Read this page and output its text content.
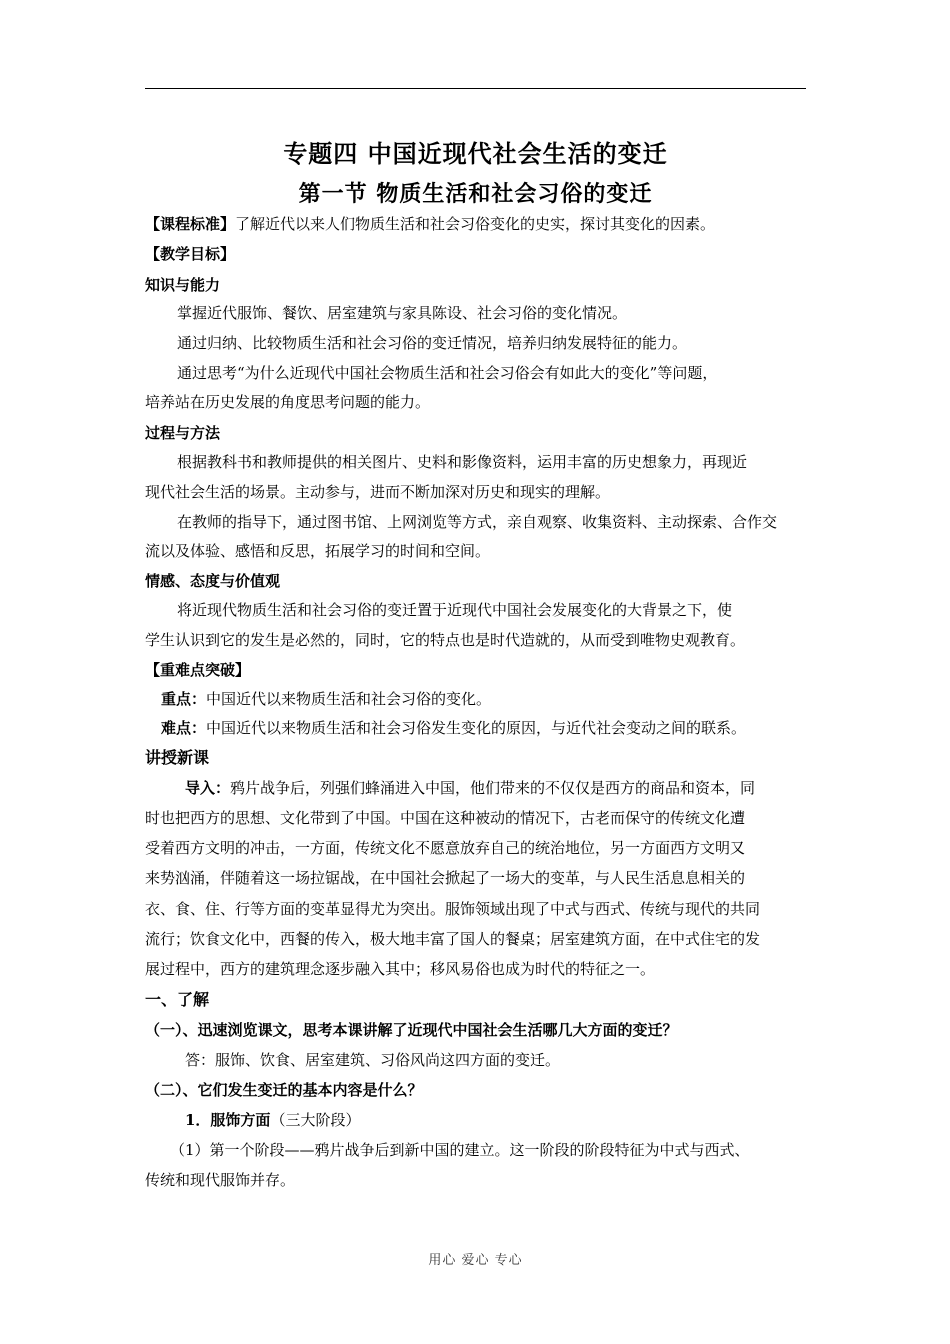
专题四 中国近现代社会生活的变迁
第一节 物质生活和社会习俗的变迁
【课程标准】了解近代以来人们物质生活和社会习俗变化的史实，探讨其变化的因素。
【教学目标】
知识与能力
掌握近代服饰、餐饮、居室建筑与家具陈设、社会习俗的变化情况。
通过归纳、比较物质生活和社会习俗的变迁情况，培养归纳发展特征的能力。
通过思考“为什么近现代中国社会物质生活和社会习俗会有如此大的变化”等问题，
培养站在历史发展的角度思考问题的能力。
过程与方法
根据教科书和教师提供的相关图片、史料和影像资料，运用丰富的历史想象力，再现近
现代社会生活的场景。主动参与，进而不断加深对历史和现实的理解。
在教师的指导下，通过图书馆、上网浏览等方式，亲自观察、收集资料、主动探索、合作交
流以及体验、感悟和反思，拓展学习的时间和空间。
情感、态度与价值观
将近现代物质生活和社会习俗的变迁置于近现代中国社会发展变化的大背景之下，使
学生认识到它的发生是必然的，同时，它的特点也是时代造就的，从而受到唯物史观教育。
【重难点突破】
重点：中国近代以来物质生活和社会习俗的变化。
难点：中国近代以来物质生活和社会习俗发生变化的原因，与近代社会变动之间的联系。
讲授新课
导入：鸦片战争后，列强们蜂涌进入中国，他们带来的不仅仅是西方的商品和资本，同
时也把西方的思想、文化带到了中国。中国在这种被动的情况下，古老而保守的传统文化遭
受着西方文明的冲击，一方面，传统文化不愿意放弃自己的统治地位，另一方面西方文明又
来势汹涌，伴随着这一场拉锯战，在中国社会掀起了一场大的变革，与人民生活息息相关的
衣、食、住、行等方面的变革显得尤为突出。服饰领域出现了中式与西式、传统与现代的共同
流行；饮食文化中，西餐的传入，极大地丰富了国人的餐桌；居室建筑方面，在中式住宅的发
展过程中，西方的建筑理念逐步融入其中；移风易俗也成为时代的特征之一。
一、了解
（一）、迅速浏览课文，思考本课讲解了近现代中国社会生活哪几大方面的变迁？
答：服饰、饮食、居室建筑、习俗风尚这四方面的变迁。
（二）、它们发生变迁的基本内容是什么？
1．服饰方面（三大阶段）
（1）第一个阶段——鸦片战争后到新中国的建立。这一阶段的阶段特征为中式与西式、
传统和现代服饰并存。
用心 爱心 专心
